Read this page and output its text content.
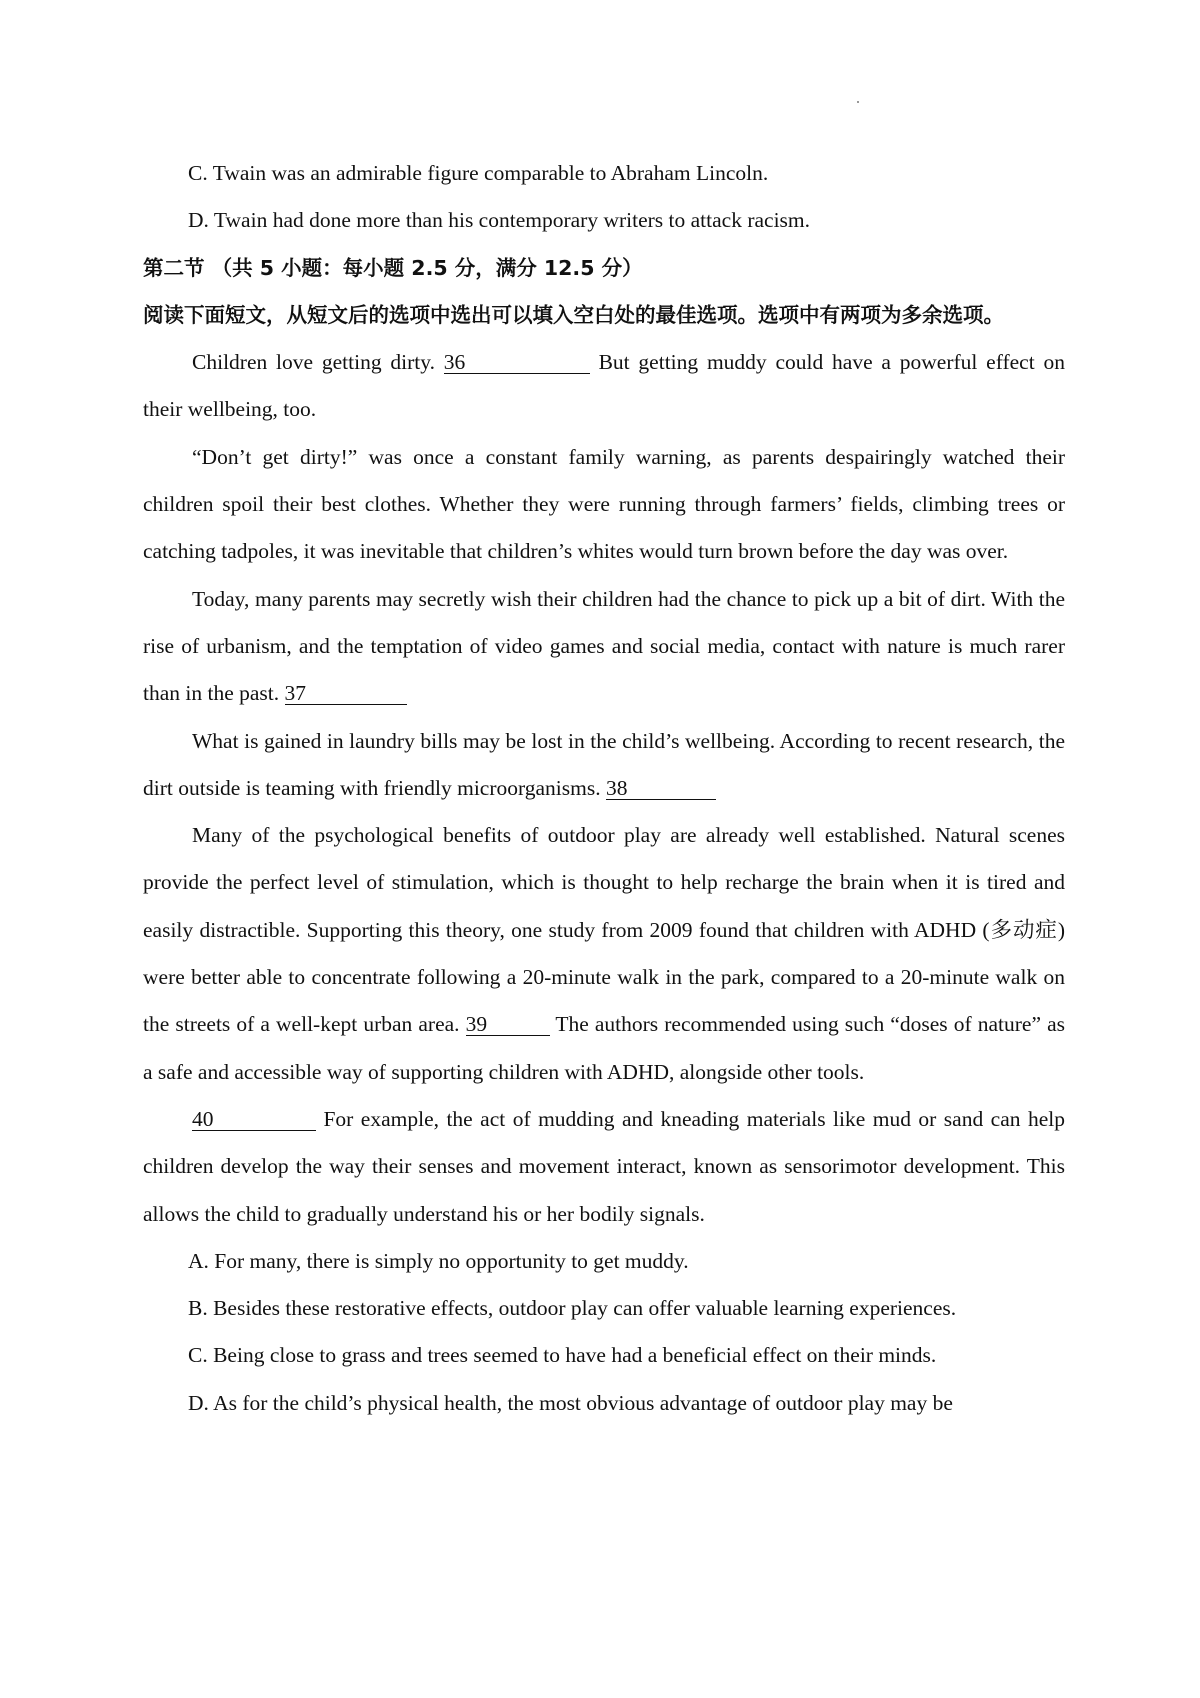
C. Twain was an admirable figure comparable to Abraham Lincoln.

D. Twain had done more than his contemporary writers to attack racism.

第二节 （共 5 小题：每小题 2.5 分，满分 12.5 分）

阅读下面短文，从短文后的选项中选出可以填入空白处的最佳选项。选项中有两项为多余选项。

Children love getting dirty. 36	But getting muddy could have a powerful effect on their wellbeing, too.

“Don’t get dirty!” was once a constant family warning, as parents despairingly watched their children spoil their best clothes. Whether they were running through farmers’ fields, climbing trees or catching tadpoles, it was inevitable that children’s whites would turn brown before the day was over.

Today, many parents may secretly wish their children had the chance to pick up a bit of dirt. With the rise of urbanism, and the temptation of video games and social media, contact with nature is much rarer than in the past. 37

What is gained in laundry bills may be lost in the child’s wellbeing. According to recent research, the dirt outside is teaming with friendly microorganisms. 38

Many of the psychological benefits of outdoor play are already well established. Natural scenes provide the perfect level of stimulation, which is thought to help recharge the brain when it is tired and easily distractible. Supporting this theory, one study from 2009 found that children with ADHD (多动症) were better able to concentrate following a 20-minute walk in the park, compared to a 20-minute walk on the streets of a well-kept urban area. 39	The authors recommended using such “doses of nature” as a safe and accessible way of supporting children with ADHD, alongside other tools.

40	For example, the act of mudding and kneading materials like mud or sand can help children develop the way their senses and movement interact, known as sensorimotor development. This allows the child to gradually understand his or her bodily signals.

A. For many, there is simply no opportunity to get muddy.

B. Besides these restorative effects, outdoor play can offer valuable learning experiences.

C. Being close to grass and trees seemed to have had a beneficial effect on their minds.

D. As for the child’s physical health, the most obvious advantage of outdoor play may be
